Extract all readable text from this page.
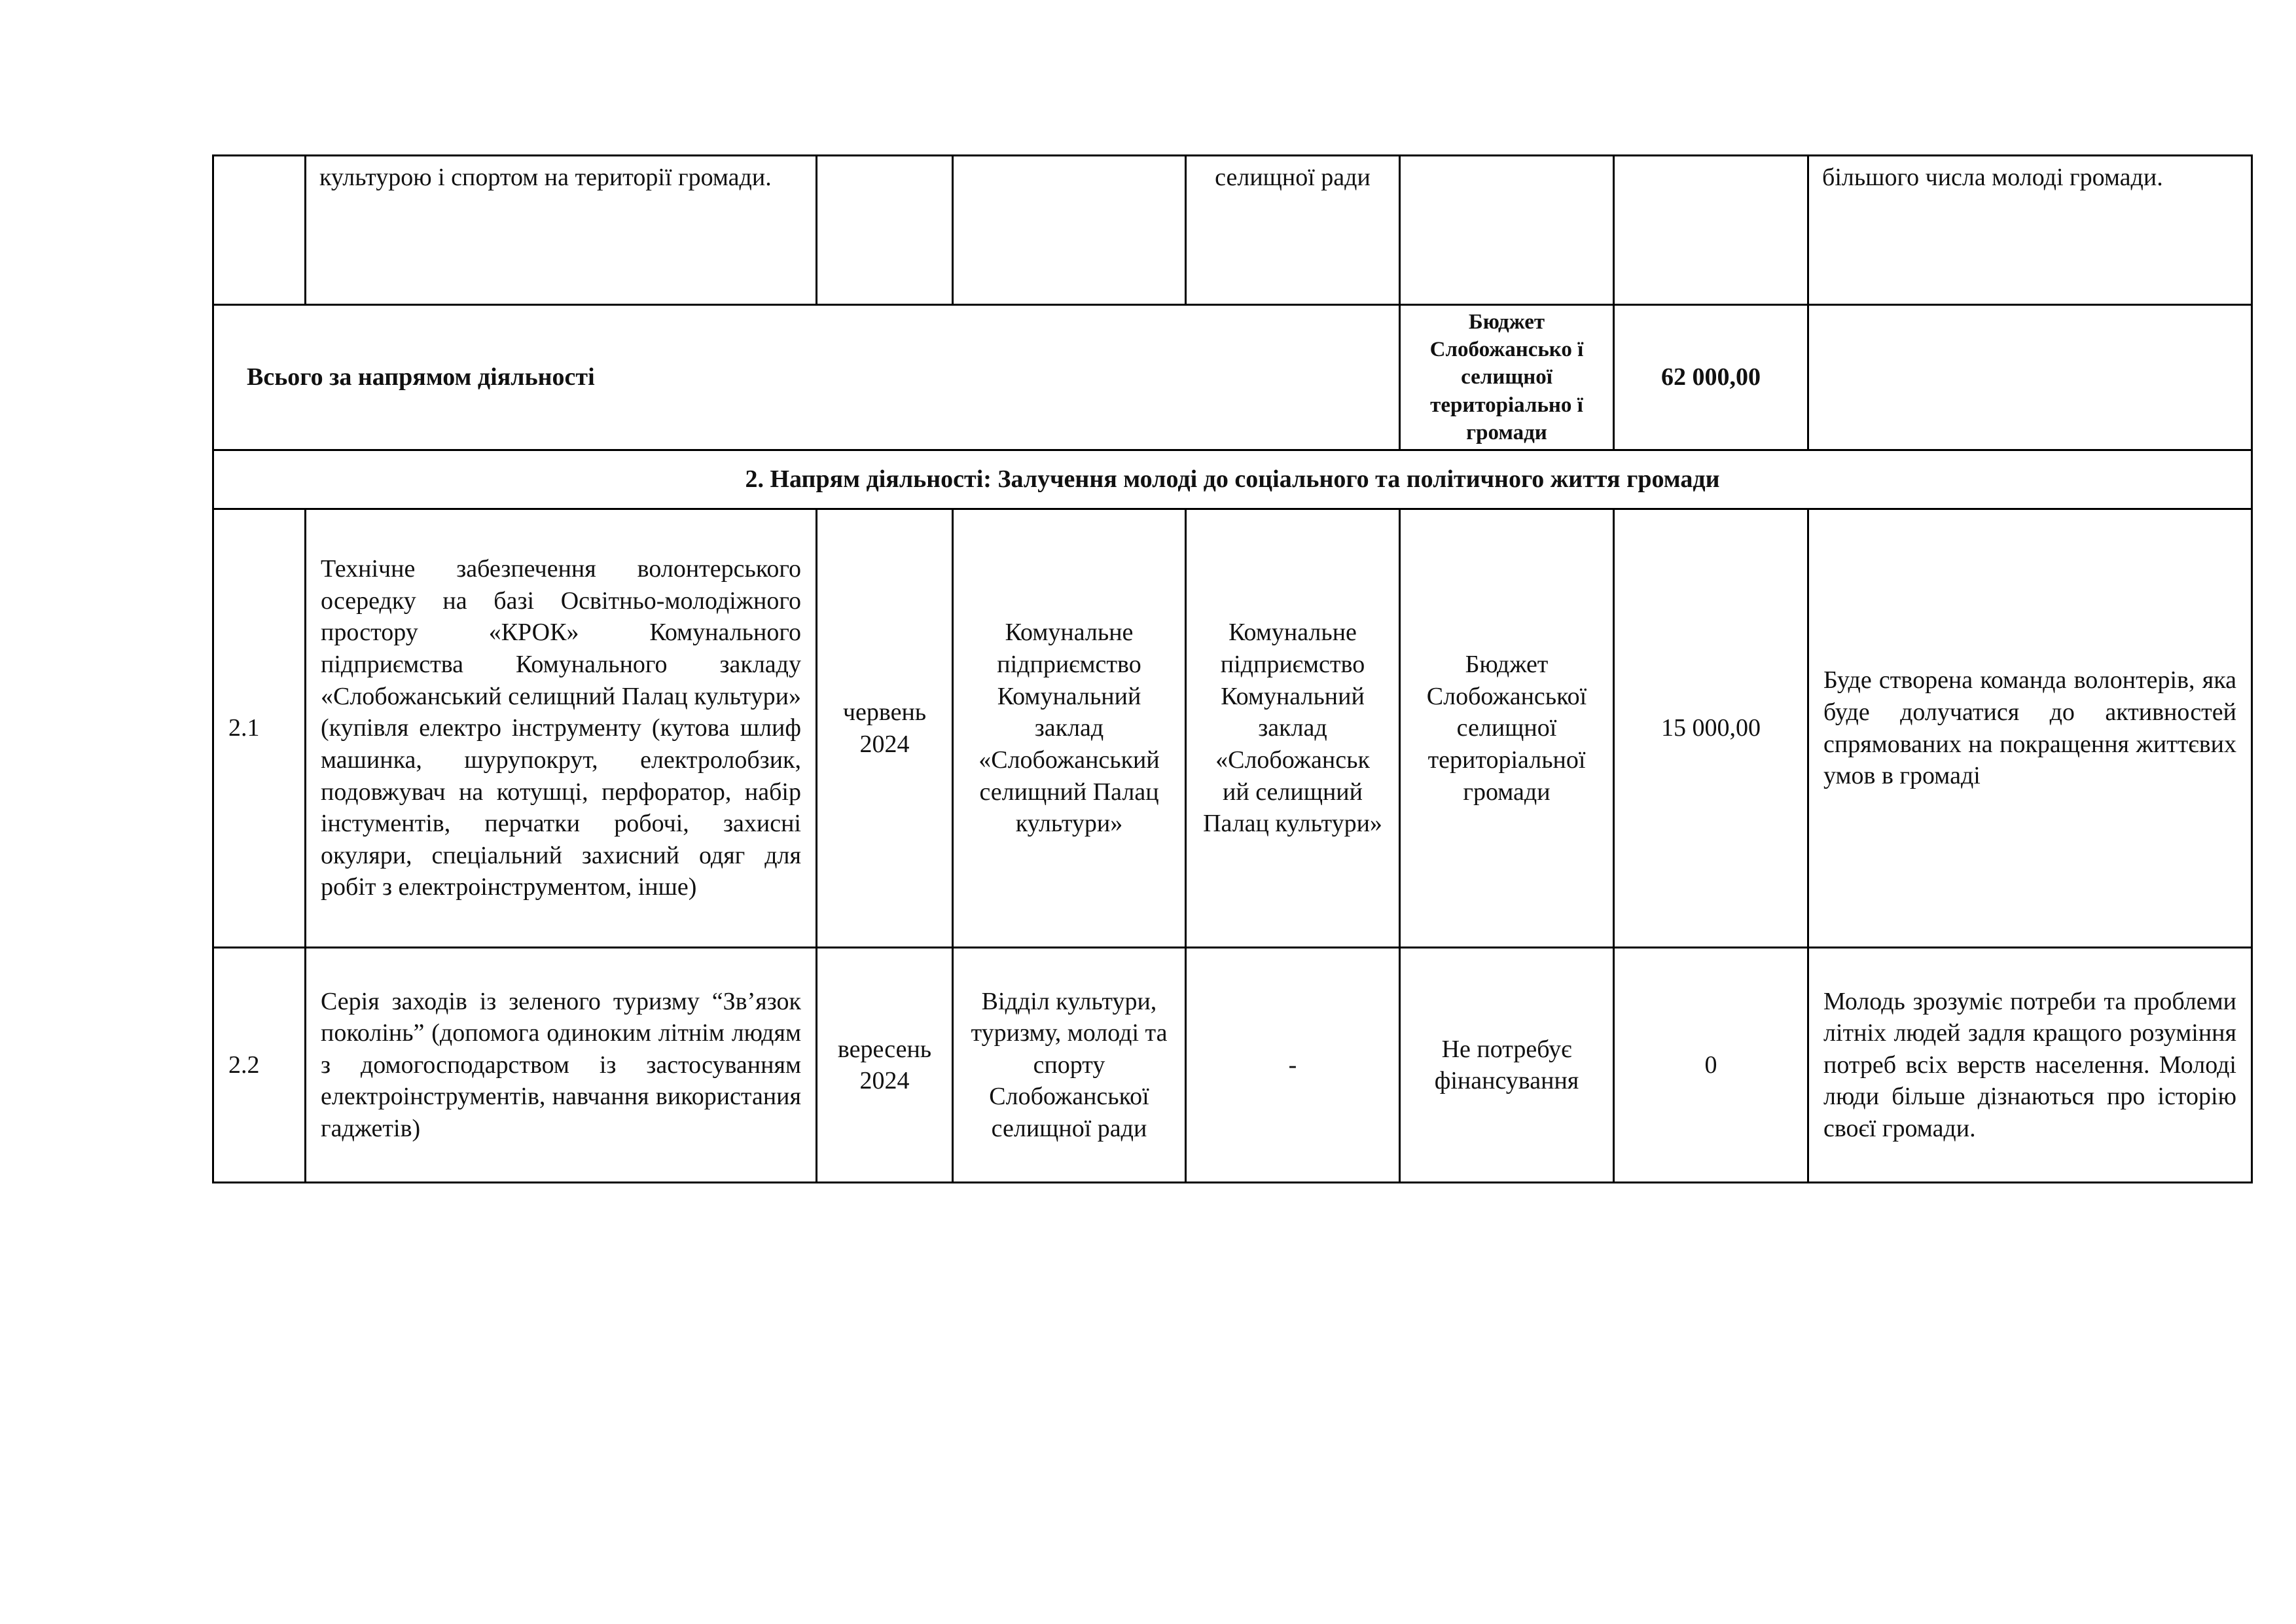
	культурою і спортом на території громади.			селищної ради			більшого числа молоді громади.
Всього за напрямом діяльності					Бюджет Слобожансько ї селищної територіально ї громади	62 000,00	
2. Напрям діяльності: Залучення молоді до соціального та політичного життя громади							
2.1	Технічне забезпечення волонтерського осередку на базі Освітньо-молодіжного простору «КРОК» Комунального підприємства Комунального закладу «Слобожанський селищний Палац культури» (купівля електро інструменту (кутова шлиф машинка, шурупокрут, електролобзик, подовжувач на котушці, перфоратор, набір інстументів, перчатки робочі, захисні окуляри, спеціальний захисний одяг для робіт з електроінструментом, інше)	червень 2024	Комунальне підприємство Комунальний заклад «Слобожанський селищний Палац культури»	Комунальне підприємство Комунальний заклад «Слобожанськ ий селищний Палац культури»	Бюджет Слобожанської селищної територіальної громади	15 000,00	Буде створена команда волонтерів, яка буде долучатися до активностей спрямованих на покращення життєвих умов в громаді
2.2	Серія заходів із зеленого туризму “Зв’язок поколінь” (допомога одиноким літнім людям з домогосподарством із застосуванням електроінструментів, навчання використания гаджетів)	вересень 2024	Відділ культури, туризму, молоді та спорту Слобожанської селищної ради	-	Не потребує фінансування	0	Молодь зрозуміє потреби та проблеми літніх людей задля кращого розуміння потреб всіх верств населення. Молоді люди більше дізнаються про історію своєї громади.
